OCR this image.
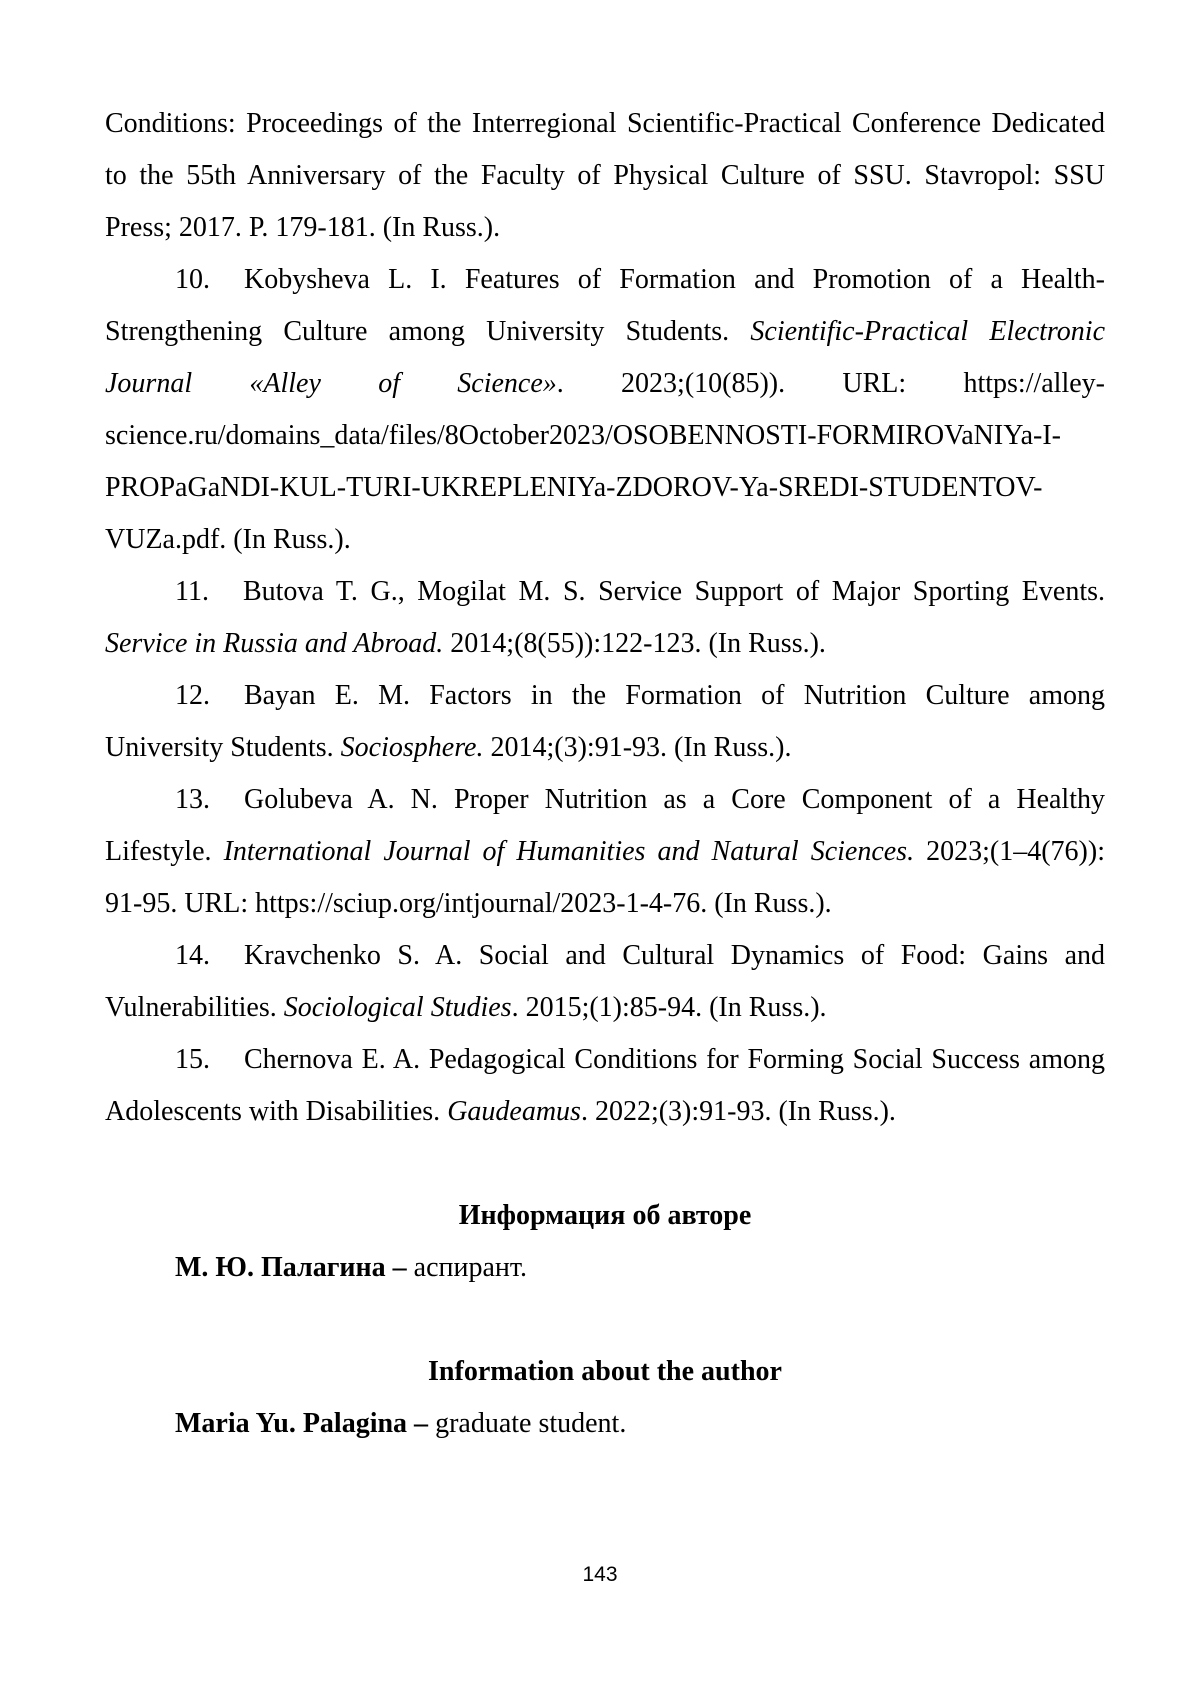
Conditions: Proceedings of the Interregional Scientific-Practical Conference Dedicated to the 55th Anniversary of the Faculty of Physical Culture of SSU. Stavropol: SSU Press; 2017. P. 179-181. (In Russ.).

10. Kobysheva L. I. Features of Formation and Promotion of a Health-Strengthening Culture among University Students. Scientific-Practical Electronic Journal «Alley of Science». 2023;(10(85)). URL: https://alley-science.ru/domains_data/files/8October2023/OSOBENNOSTI-FORMIROVaNIYa-I-PROPaGaNDI-KUL-TURI-UKREPLENIYa-ZDOROV-Ya-SREDI-STUDENTOV-VUZa.pdf. (In Russ.).

11. Butova T. G., Mogilat M. S. Service Support of Major Sporting Events. Service in Russia and Abroad. 2014;(8(55)):122-123. (In Russ.).

12. Bayan E. M. Factors in the Formation of Nutrition Culture among University Students. Sociosphere. 2014;(3):91-93. (In Russ.).

13. Golubeva A. N. Proper Nutrition as a Core Component of a Healthy Lifestyle. International Journal of Humanities and Natural Sciences. 2023;(1–4(76)): 91-95. URL: https://sciup.org/intjournal/2023-1-4-76. (In Russ.).

14. Kravchenko S. A. Social and Cultural Dynamics of Food: Gains and Vulnerabilities. Sociological Studies. 2015;(1):85-94. (In Russ.).

15. Chernova E. A. Pedagogical Conditions for Forming Social Success among Adolescents with Disabilities. Gaudeamus. 2022;(3):91-93. (In Russ.).

Информация об авторе

М. Ю. Палагина – аспирант.

Information about the author

Maria Yu. Palagina – graduate student.

143
